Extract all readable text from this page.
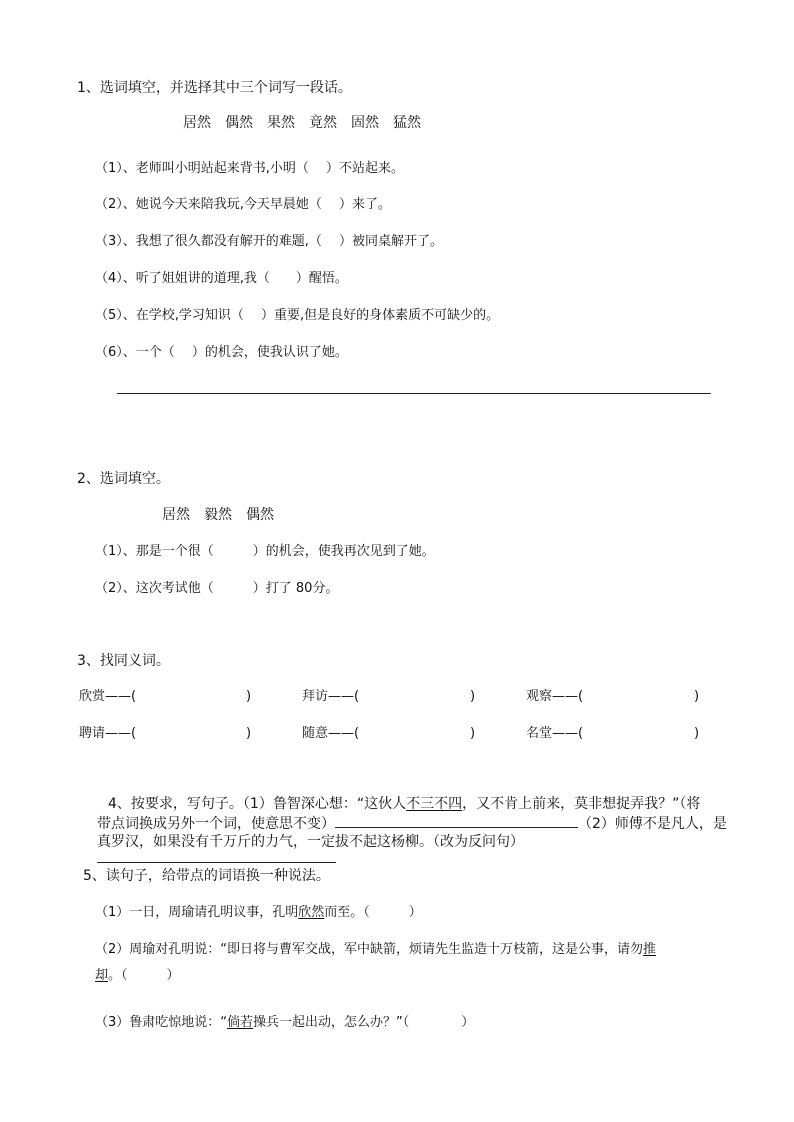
1、选词填空，并选择其中三个词写一段话。
居然　偶然　果然　竟然　固然　猛然
（1）、老师叫小明站起来背书,小明（　 ）不站起来。
（2）、她说今天来陪我玩,今天早晨她（　 ）来了。
（3）、我想了很久都没有解开的难题,（　 ）被同桌解开了。
（4）、听了姐姐讲的道理,我（　　）醒悟。
（5）、在学校,学习知识（　 ）重要,但是良好的身体素质不可缺少的。
（6）、一个（　 ）的机会，使我认识了她。
2、选词填空。
居然　毅然　偶然
（1）、那是一个很（　　　）的机会，使我再次见到了她。
（2）、这次考试他（　　　）打了 80分。
3、找同义词。
欣赏——(	)	拜访——(	)	观察——(	)
聘请——(	)	随意——(	)	名堂——(	)
4、按要求，写句子。（1）鲁智深心想：“这伙人不三不四，又不肯上前来，莫非想捉弄我？”（将
带点词换成另外一个词，使意思不变）	（2）师傅不是凡人，是
真罗汉，如果没有千万斤的力气，一定拔不起这杨柳。（改为反问句）
5、读句子，给带点的词语换一种说法。
（1）一日，周瑜请孔明议事，孔明欣然而至。（　　　）
（2）周瑜对孔明说：“即日将与曹军交战，军中缺箭，烦请先生监造十万枝箭，这是公事，请勿推
却。（　　　）
（3）鲁肃吃惊地说：“倘若操兵一起出动，怎么办？”（　　　　）
